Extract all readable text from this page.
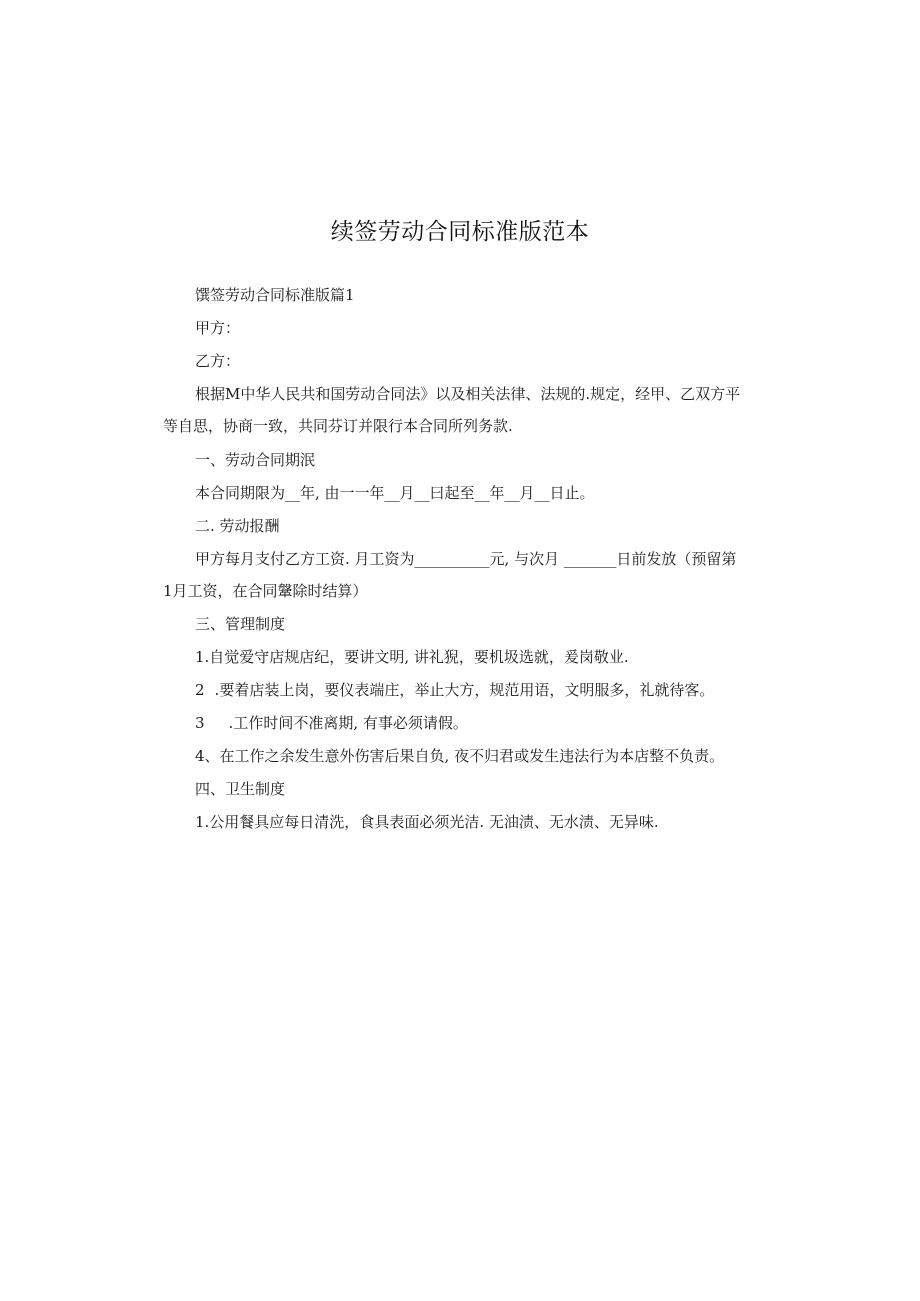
续签劳动合同标准版范本
馔签劳动合同标准版篇1
甲方：
乙方：
根据M中华人民共和国劳动合同法》以及相关法律、法规的.规定，经甲、乙双方平
等自思，协商一致，共同芬订并限行本合同所列务款.
一、劳动合同期泯
本合同期限为__年, 由一一年__月__曰起至__年__月__日止。
二. 劳动报酬
甲方每月支付乙方工资. 月工资为__________元, 与次月 _______日前发放（预留第
1月工资，在合同鞶除时结算）
三、管理制度
1.自觉爱守店规店纪，要讲文明, 讲礼猊，要机圾选就，爰岗敬业.
2 .要着店装上岗，要仪表端庄，举止大方，规范用语，文明服多，礼就待客。
3 .工作时间不准离期, 有事必须请假。
4、在工作之余发生意外伤害后果自负, 夜不归君或发生违法行为本店整不负责。
四、卫生制度
1.公用餐具应每日清洗，食具表面必须光洁. 无油渍、无水渍、无异味.
